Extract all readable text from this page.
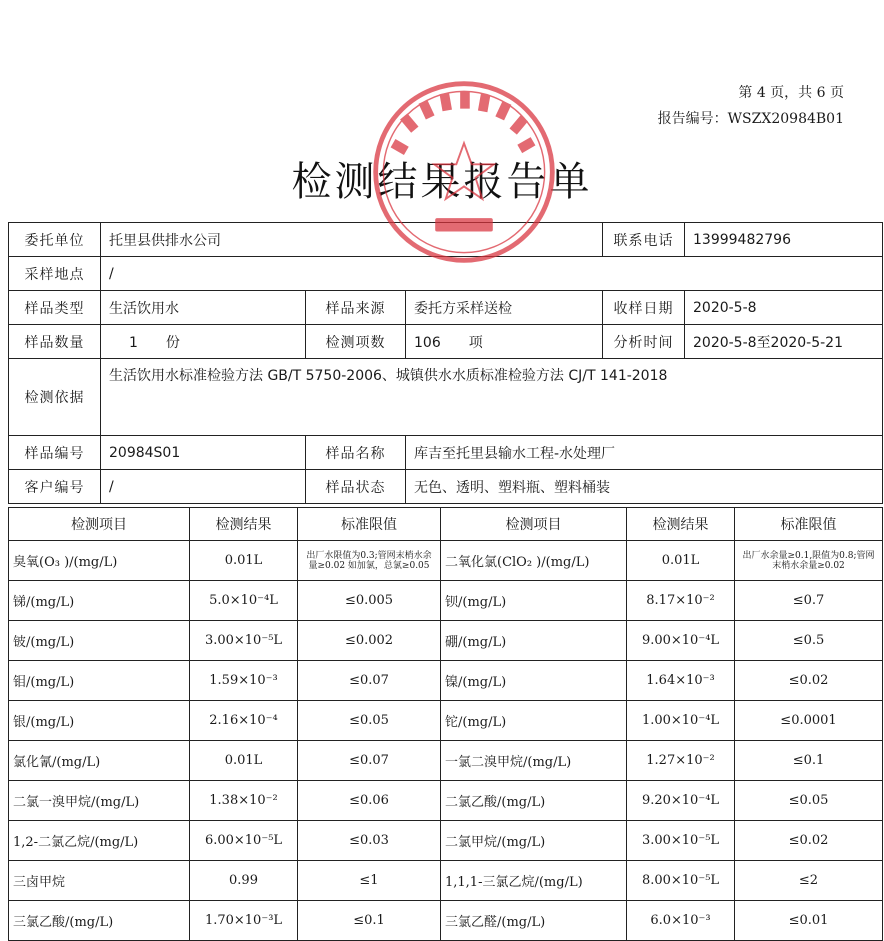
第 4 页，共 6 页
报告编号：WSZX20984B01
检测结果报告单
委托单位	托里县供排水公司			联系电话	13999482796
采样地点	/				
样品类型	生活饮用水	样品来源	委托方采样送检	收样日期	2020-5-8
样品数量	1　　份	检测项数	106　　项	分析时间	2020-5-8至2020-5-21
检测依据	生活饮用水标准检验方法 GB/T 5750-2006、城镇供水水质标准检验方法 CJ/T 141-2018				
样品编号	20984S01	样品名称	库吉至托里县输水工程-水处理厂		
客户编号	/	样品状态	无色、透明、塑料瓶、塑料桶装		
检测项目	检测结果	标准限值	检测项目	检测结果	标准限值
臭氧(O₃ )/(mg/L)	0.01L	出厂水限值为0.3;管网末梢水余量≥0.02 如加氯，总氯≥0.05	二氧化氯(ClO₂ )/(mg/L)	0.01L	出厂水余量≥0.1,限值为0.8;管网末梢水余量≥0.02
锑/(mg/L)	5.0×10⁻⁴L	≤0.005	钡/(mg/L)	8.17×10⁻²	≤0.7
铍/(mg/L)	3.00×10⁻⁵L	≤0.002	硼/(mg/L)	9.00×10⁻⁴L	≤0.5
钼/(mg/L)	1.59×10⁻³	≤0.07	镍/(mg/L)	1.64×10⁻³	≤0.02
银/(mg/L)	2.16×10⁻⁴	≤0.05	铊/(mg/L)	1.00×10⁻⁴L	≤0.0001
氯化氰/(mg/L)	0.01L	≤0.07	一氯二溴甲烷/(mg/L)	1.27×10⁻²	≤0.1
二氯一溴甲烷/(mg/L)	1.38×10⁻²	≤0.06	二氯乙酸/(mg/L)	9.20×10⁻⁴L	≤0.05
1,2-二氯乙烷/(mg/L)	6.00×10⁻⁵L	≤0.03	二氯甲烷/(mg/L)	3.00×10⁻⁵L	≤0.02
三卤甲烷	0.99	≤1	1,1,1-三氯乙烷/(mg/L)	8.00×10⁻⁵L	≤2
三氯乙酸/(mg/L)	1.70×10⁻³L	≤0.1	三氯乙醛/(mg/L)	6.0×10⁻³	≤0.01
